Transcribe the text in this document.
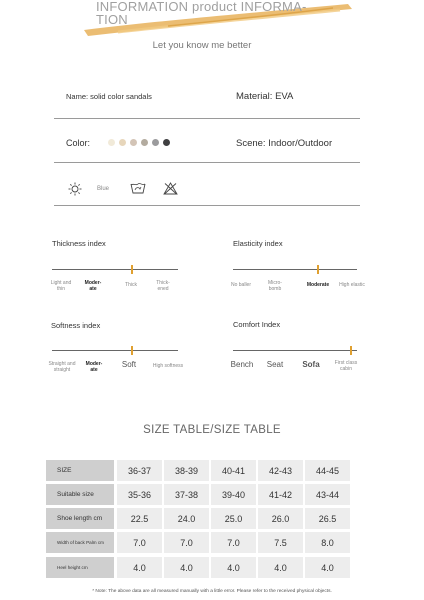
INFORMATION product INFORMA-TION
Let you know me better
Name: solid color sandals	Material: EVA
Color:	Scene: Indoor/Outdoor
Blue
Thickness index
Light and thin
Moder-ate
Thick	Thick-ened
Elasticity index
No baller	Micro-bomb
Moderate	High elastic
Softness index
Straight and straight
Moder-ate
Soft	High softness
Comfort Index
Bench	Seat	Sofa	First class cabin
SIZE TABLE/SIZE TABLE
SIZE	36-37	38-39	40-41	42-43	44-45
Suitable size	35-36	37-38	39-40	41-42	43-44
Shoe length cm	22.5	24.0	25.0	26.0	26.5
Width of back Palm cm	7.0	7.0	7.0	7.5	8.0
Heel height cm	4.0	4.0	4.0	4.0	4.0
* Note: The above data are all measured manually with a little error. Please refer to the received physical objects.
